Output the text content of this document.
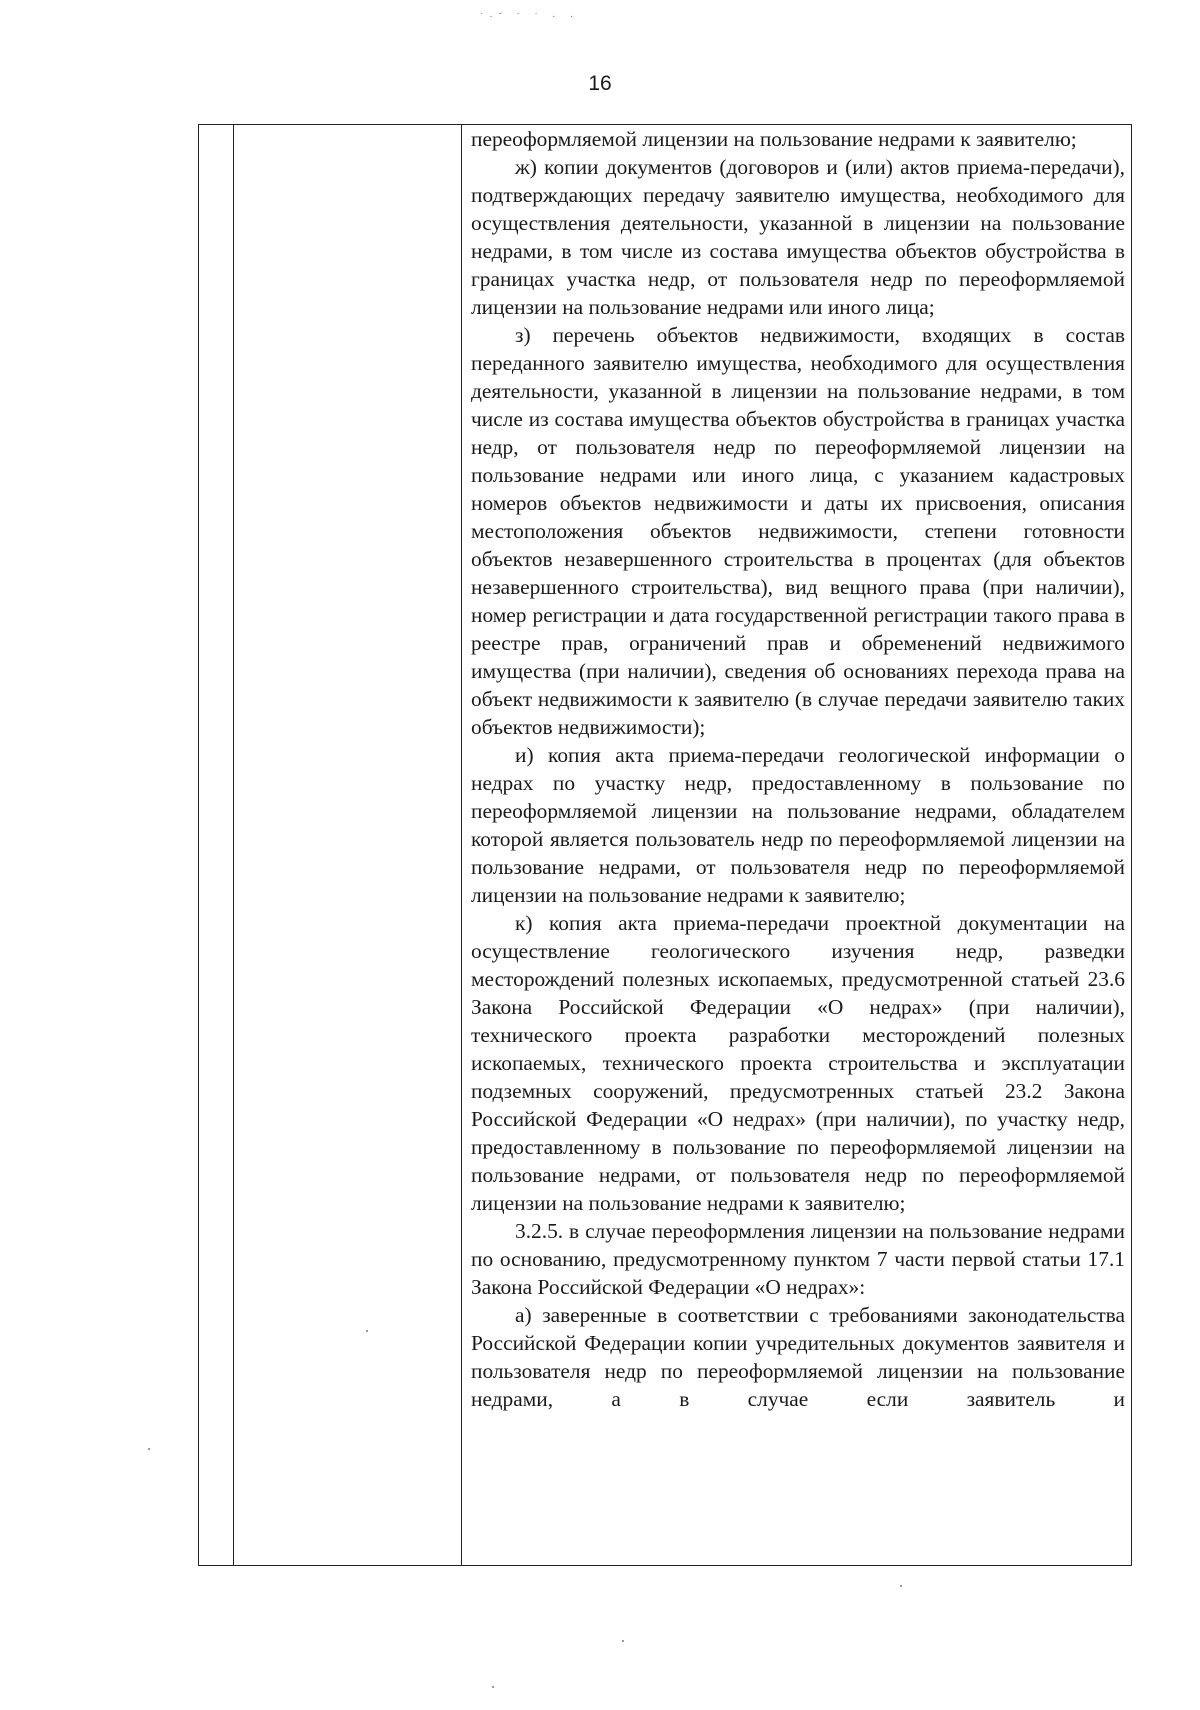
˙·ˇ ˙ ˙ · ·
16

переоформляемой лицензии на пользование недрами к заявителю;

ж) копии документов (договоров и (или) актов приема-передачи), подтверждающих передачу заявителю имущества, необходимого для осуществления деятельности, указанной в лицензии на пользование недрами, в том числе из состава имущества объектов обустройства в границах участка недр, от пользователя недр по переоформляемой лицензии на пользование недрами или иного лица;

з) перечень объектов недвижимости, входящих в состав переданного заявителю имущества, необходимого для осуществления деятельности, указанной в лицензии на пользование недрами, в том числе из состава имущества объектов обустройства в границах участка недр, от пользователя недр по переоформляемой лицензии на пользование недрами или иного лица, с указанием кадастровых номеров объектов недвижимости и даты их присвоения, описания местоположения объектов недвижимости, степени готовности объектов незавершенного строительства в процентах (для объектов незавершенного строительства), вид вещного права (при наличии), номер регистрации и дата государственной регистрации такого права в реестре прав, ограничений прав и обременений недвижимого имущества (при наличии), сведения об основаниях перехода права на объект недвижимости к заявителю (в случае передачи заявителю таких объектов недвижимости);

и) копия акта приема-передачи геологической информации о недрах по участку недр, предоставленному в пользование по переоформляемой лицензии на пользование недрами, обладателем которой является пользователь недр по переоформляемой лицензии на пользование недрами, от пользователя недр по переоформляемой лицензии на пользование недрами к заявителю;

к) копия акта приема-передачи проектной документации на осуществление геологического изучения недр, разведки месторождений полезных ископаемых, предусмотренной статьей 23.6 Закона Российской Федерации «О недрах» (при наличии), технического проекта разработки месторождений полезных ископаемых, технического проекта строительства и эксплуатации подземных сооружений, предусмотренных статьей 23.2 Закона Российской Федерации «О недрах» (при наличии), по участку недр, предоставленному в пользование по переоформляемой лицензии на пользование недрами, от пользователя недр по переоформляемой лицензии на пользование недрами к заявителю;

3.2.5. в случае переоформления лицензии на пользование недрами по основанию, предусмотренному пунктом 7 части первой статьи 17.1 Закона Российской Федерации «О недрах»:

а) заверенные в соответствии с требованиями законодательства Российской Федерации копии учредительных документов заявителя и пользователя недр по переоформляемой лицензии на пользование недрами, а в случае если заявитель и
